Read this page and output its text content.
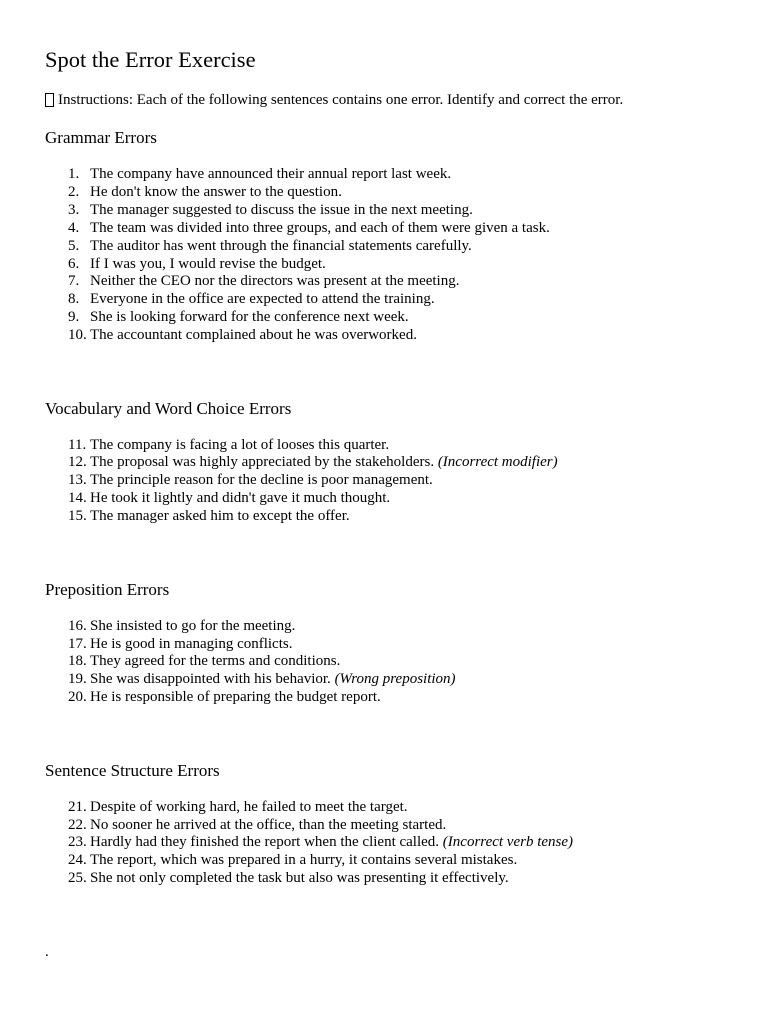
Spot the Error Exercise
Instructions: Each of the following sentences contains one error. Identify and correct the error.
Grammar Errors
1. The company have announced their annual report last week.
2. He don't know the answer to the question.
3. The manager suggested to discuss the issue in the next meeting.
4. The team was divided into three groups, and each of them were given a task.
5. The auditor has went through the financial statements carefully.
6. If I was you, I would revise the budget.
7. Neither the CEO nor the directors was present at the meeting.
8. Everyone in the office are expected to attend the training.
9. She is looking forward for the conference next week.
10. The accountant complained about he was overworked.
Vocabulary and Word Choice Errors
11. The company is facing a lot of looses this quarter.
12. The proposal was highly appreciated by the stakeholders. (Incorrect modifier)
13. The principle reason for the decline is poor management.
14. He took it lightly and didn't gave it much thought.
15. The manager asked him to except the offer.
Preposition Errors
16. She insisted to go for the meeting.
17. He is good in managing conflicts.
18. They agreed for the terms and conditions.
19. She was disappointed with his behavior. (Wrong preposition)
20. He is responsible of preparing the budget report.
Sentence Structure Errors
21. Despite of working hard, he failed to meet the target.
22. No sooner he arrived at the office, than the meeting started.
23. Hardly had they finished the report when the client called. (Incorrect verb tense)
24. The report, which was prepared in a hurry, it contains several mistakes.
25. She not only completed the task but also was presenting it effectively.
.
